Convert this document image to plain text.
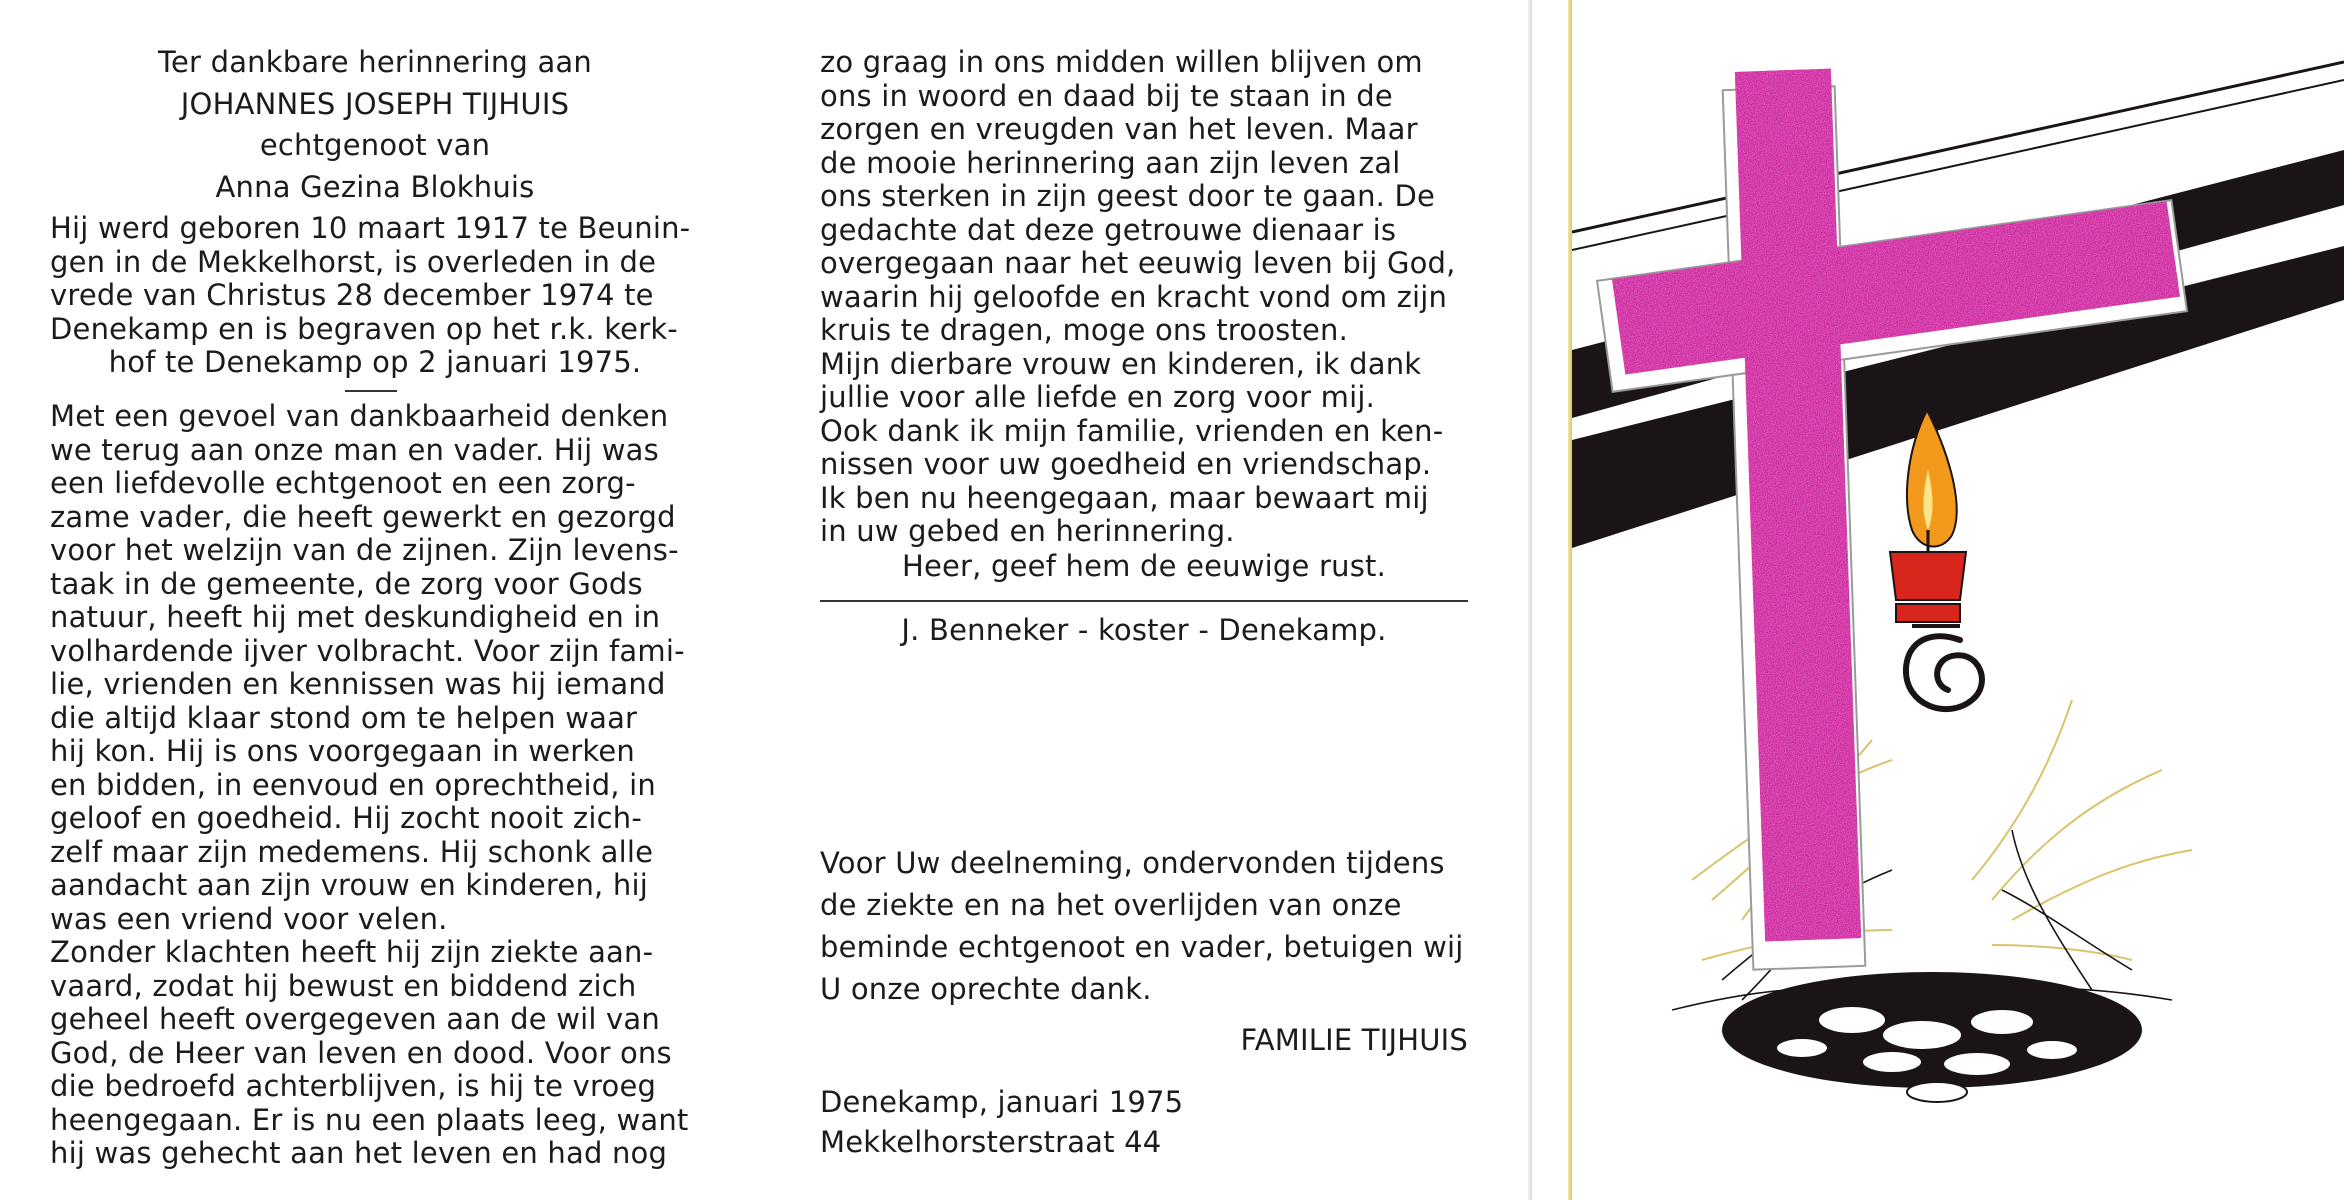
Ter dankbare herinnering aan

JOHANNES JOSEPH TIJHUIS

echtgenoot van

Anna Gezina Blokhuis

Hij werd geboren 10 maart 1917 te Beunin-
gen in de Mekkelhorst, is overleden in de
vrede van Christus 28 december 1974 te
Denekamp en is begraven op het r.k. kerk-
hof te Denekamp op 2 januari 1975.
Met een gevoel van dankbaarheid denken
we terug aan onze man en vader. Hij was
een liefdevolle echtgenoot en een zorg-
zame vader, die heeft gewerkt en gezorgd
voor het welzijn van de zijnen. Zijn levens-
taak in de gemeente, de zorg voor Gods
natuur, heeft hij met deskundigheid en in
volhardende ijver volbracht. Voor zijn fami-
lie, vrienden en kennissen was hij iemand
die altijd klaar stond om te helpen waar
hij kon. Hij is ons voorgegaan in werken
en bidden, in eenvoud en oprechtheid, in
geloof en goedheid. Hij zocht nooit zich-
zelf maar zijn medemens. Hij schonk alle
aandacht aan zijn vrouw en kinderen, hij
was een vriend voor velen.
Zonder klachten heeft hij zijn ziekte aan-
vaard, zodat hij bewust en biddend zich
geheel heeft overgegeven aan de wil van
God, de Heer van leven en dood. Voor ons
die bedroefd achterblijven, is hij te vroeg
heengegaan. Er is nu een plaats leeg, want
hij was gehecht aan het leven en had nog
zo graag in ons midden willen blijven om
ons in woord en daad bij te staan in de
zorgen en vreugden van het leven. Maar
de mooie herinnering aan zijn leven zal
ons sterken in zijn geest door te gaan. De
gedachte dat deze getrouwe dienaar is
overgegaan naar het eeuwig leven bij God,
waarin hij geloofde en kracht vond om zijn
kruis te dragen, moge ons troosten.
Mijn dierbare vrouw en kinderen, ik dank
jullie voor alle liefde en zorg voor mij.
Ook dank ik mijn familie, vrienden en ken-
nissen voor uw goedheid en vriendschap.
Ik ben nu heengegaan, maar bewaart mij
in uw gebed en herinnering.
Heer, geef hem de eeuwige rust.
J. Benneker - koster - Denekamp.
Voor Uw deelneming, ondervonden tijdens
de ziekte en na het overlijden van onze
beminde echtgenoot en vader, betuigen wij
U onze oprechte dank.
FAMILIE TIJHUIS
Denekamp, januari 1975
Mekkelhorsterstraat 44
